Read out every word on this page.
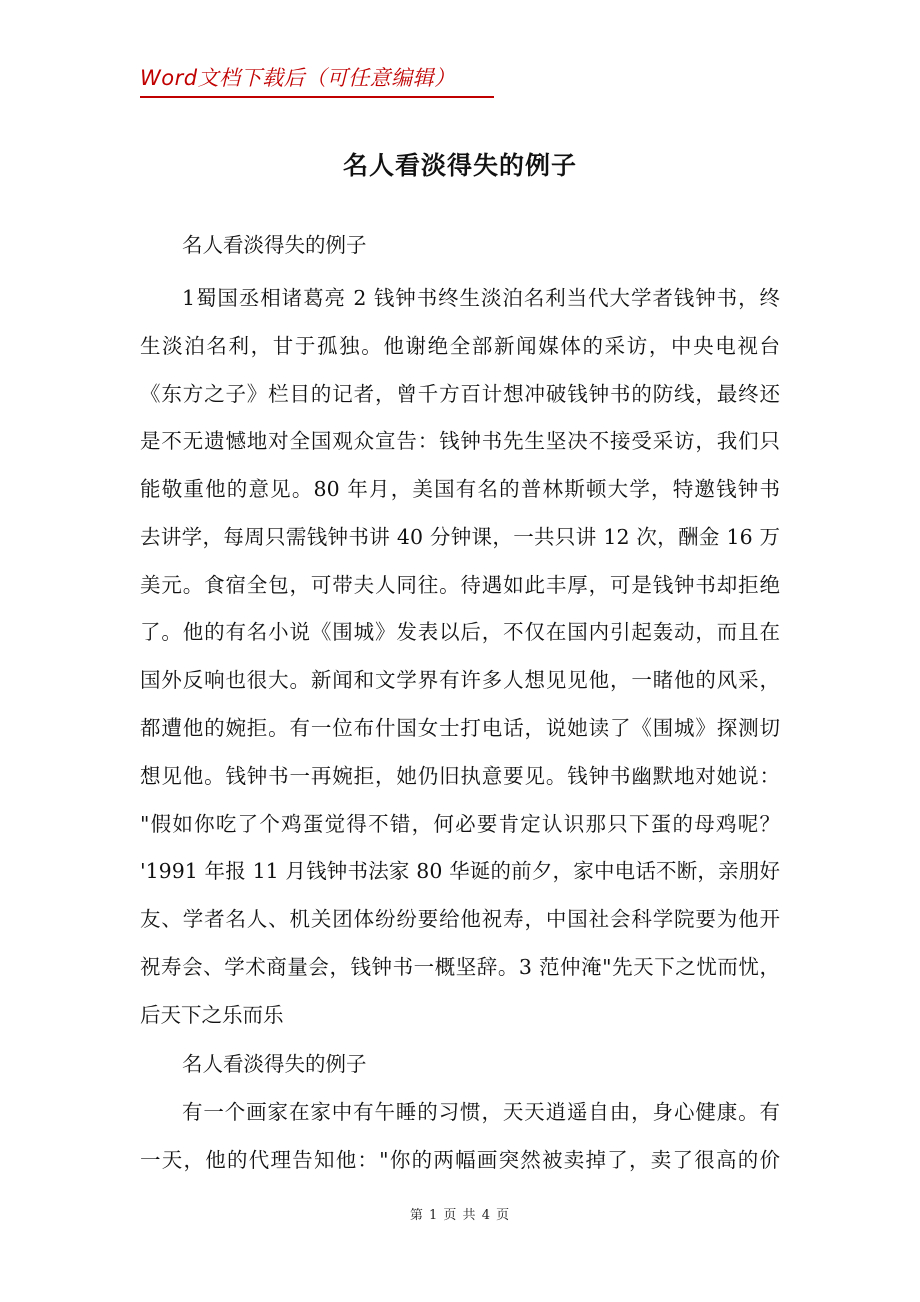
Word文档下载后（可任意编辑）
名人看淡得失的例子
名人看淡得失的例子
1蜀国丞相诸葛亮 2 钱钟书终生淡泊名利当代大学者钱钟书，终
生淡泊名利，甘于孤独。他谢绝全部新闻媒体的采访，中央电视台
《东方之子》栏目的记者，曾千方百计想冲破钱钟书的防线，最终还
是不无遗憾地对全国观众宣告：钱钟书先生坚决不接受采访，我们只
能敬重他的意见。80 年月，美国有名的普林斯顿大学，特邀钱钟书
去讲学，每周只需钱钟书讲 40 分钟课，一共只讲 12 次，酬金 16 万
美元。食宿全包，可带夫人同往。待遇如此丰厚，可是钱钟书却拒绝
了。他的有名小说《围城》发表以后，不仅在国内引起轰动，而且在
国外反响也很大。新闻和文学界有许多人想见见他，一睹他的风采，
都遭他的婉拒。有一位布什国女士打电话，说她读了《围城》探测切
想见他。钱钟书一再婉拒，她仍旧执意要见。钱钟书幽默地对她说：
"假如你吃了个鸡蛋觉得不错，何必要肯定认识那只下蛋的母鸡呢？
'1991 年报 11 月钱钟书法家 80 华诞的前夕，家中电话不断，亲朋好
友、学者名人、机关团体纷纷要给他祝寿，中国社会科学院要为他开
祝寿会、学术商量会，钱钟书一概坚辞。3 范仲淹"先天下之忧而忧，
后天下之乐而乐
名人看淡得失的例子
有一个画家在家中有午睡的习惯，天天逍遥自由，身心健康。有
一天，他的代理告知他："你的两幅画突然被卖掉了，卖了很高的价
第 1 页 共 4 页
